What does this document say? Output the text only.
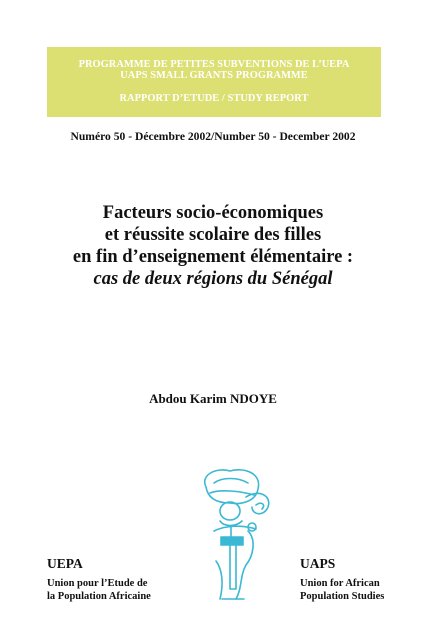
PROGRAMME DE PETITES SUBVENTIONS DE L’UEPA
UAPS SMALL GRANTS PROGRAMME
RAPPORT D’ETUDE / STUDY REPORT
Numéro 50 - Décembre 2002/Number 50 - December 2002
Facteurs socio-économiques
et réussite scolaire des filles
en fin d’enseignement élémentaire :
cas de deux régions du Sénégal
Abdou Karim NDOYE
UEPA
Union pour l’Etude de
la Population Africaine
UAPS
Union for African
Population Studies
